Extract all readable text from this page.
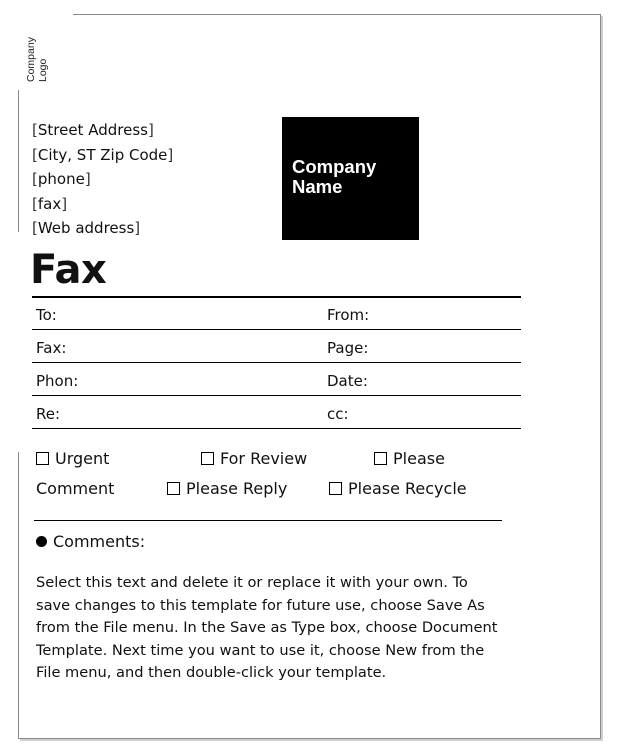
Company Logo
[Street Address]
[City, ST Zip Code]
[phone]
[fax]
[Web address]
Company Name
Fax
To:	From:
Fax:	Page:
Phon:	Date:
Re:	cc:
Urgent	For Review	Please
Comment	Please Reply	Please Recycle
Comments:
Select this text and delete it or replace it with your own. To save changes to this template for future use, choose Save As from the File menu. In the Save as Type box, choose Document Template. Next time you want to use it, choose New from the File menu, and then double-click your template.
